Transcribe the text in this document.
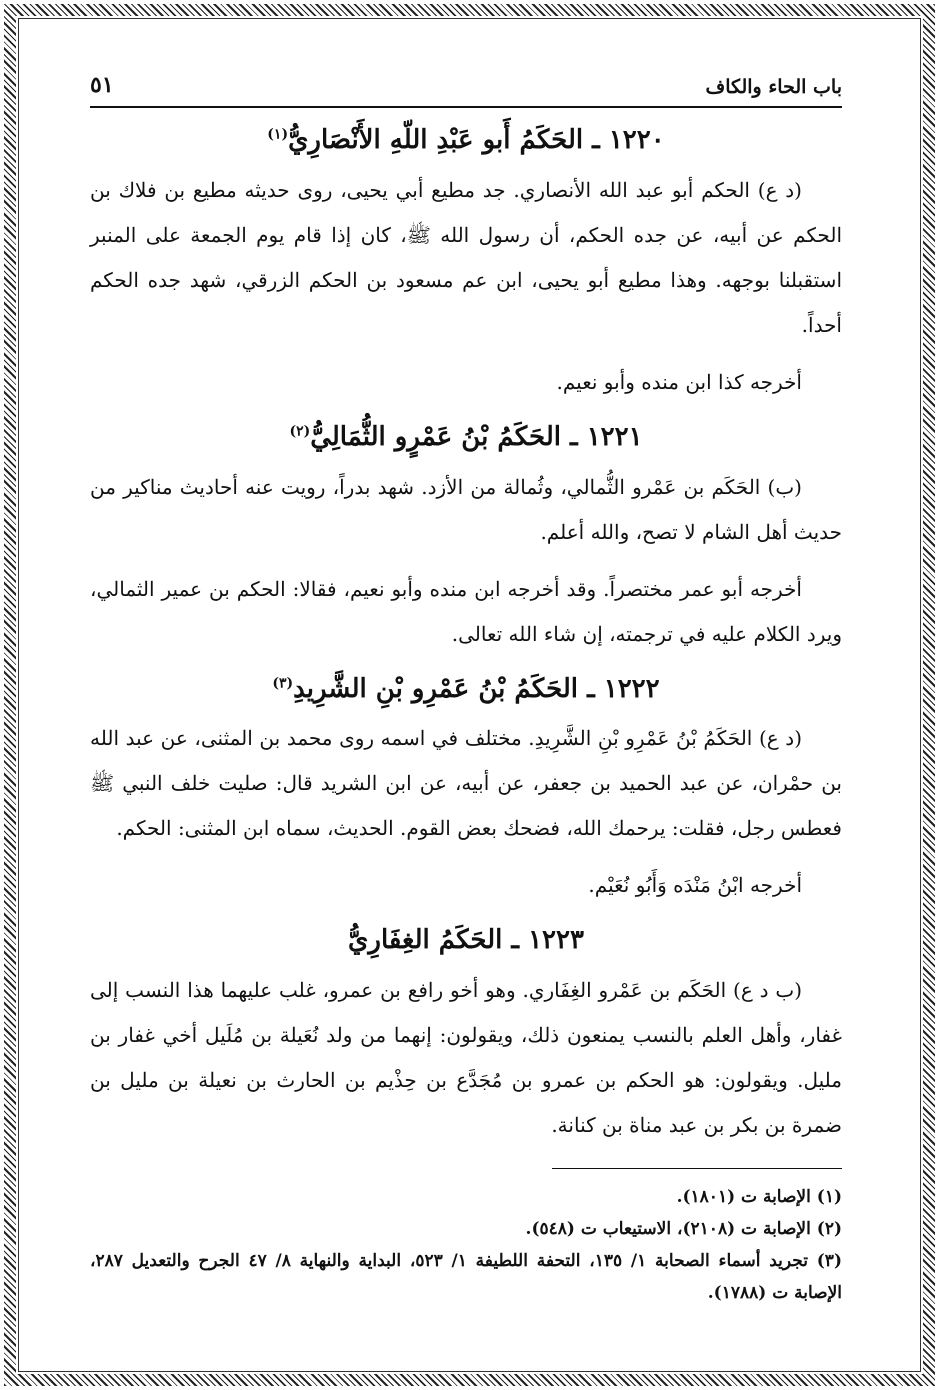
باب الحاء والكاف
٥١
١٢٢٠ ـ الحَكَمُ أَبو عَبْدِ اللّهِ الأَنْصَارِيُّ$^{(١)}$

(د ع) الحكم أبو عبد الله الأنصاري. جد مطيع أبي يحيى، روى حديثه مطيع بن فلاك بن الحكم عن أبيه، عن جده الحكم، أن رسول الله ﷺ، كان إذا قام يوم الجمعة على المنبر استقبلنا بوجهه. وهذا مطيع أبو يحيى، ابن عم مسعود بن الحكم الزرقي، شهد جده الحكم أحداً.

أخرجه كذا ابن منده وأبو نعيم.

١٢٢١ ـ الحَكَمُ بْنُ عَمْرٍو الثُّمَالِيُّ$^{(٢)}$

(ب) الحَكَم بن عَمْرو الثُّمالي، وثُمالة من الأزد. شهد بدراً، رويت عنه أحاديث مناكير من حديث أهل الشام لا تصح، والله أعلم.

أخرجه أبو عمر مختصراً. وقد أخرجه ابن منده وأبو نعيم، فقالا: الحكم بن عمير الثمالي، ويرد الكلام عليه في ترجمته، إن شاء الله تعالى.

١٢٢٢ ـ الحَكَمُ بْنُ عَمْرِو بْنِ الشَّرِيدِ$^{(٣)}$

(د ع) الحَكَمُ بْنُ عَمْرِو بْنِ الشَّرِيدِ. مختلف في اسمه روى محمد بن المثنى، عن عبد الله بن حمْران، عن عبد الحميد بن جعفر، عن أبيه، عن ابن الشريد قال: صليت خلف النبي ﷺ فعطس رجل، فقلت: يرحمك الله، فضحك بعض القوم. الحديث، سماه ابن المثنى: الحكم.

أخرجه ابْنُ مَنْدَه وَأَبُو نُعَيْم.

١٢٢٣ ـ الحَكَمُ الغِفَارِيُّ

(ب د ع) الحَكَم بن عَمْرو الغِفَاري. وهو أخو رافع بن عمرو، غلب عليهما هذا النسب إلى غفار، وأهل العلم بالنسب يمنعون ذلك، ويقولون: إنهما من ولد نُعَيلة بن مُلَيل أخي غفار بن مليل. ويقولون: هو الحكم بن عمرو بن مُجَدَّع بن حِذْيم بن الحارث بن نعيلة بن مليل بن ضمرة بن بكر بن عبد مناة بن كنانة.

(١) الإصابة ت (١٨٠١).

(٢) الإصابة ت (٢١٠٨)، الاستيعاب ت (٥٤٨).

(٣) تجريد أسماء الصحابة ١/ ١٣٥، التحفة اللطيفة ١/ ٥٢٣، البداية والنهاية ٨/ ٤٧ الجرح والتعديل ٢٨٧، الإصابة ت (١٧٨٨).
